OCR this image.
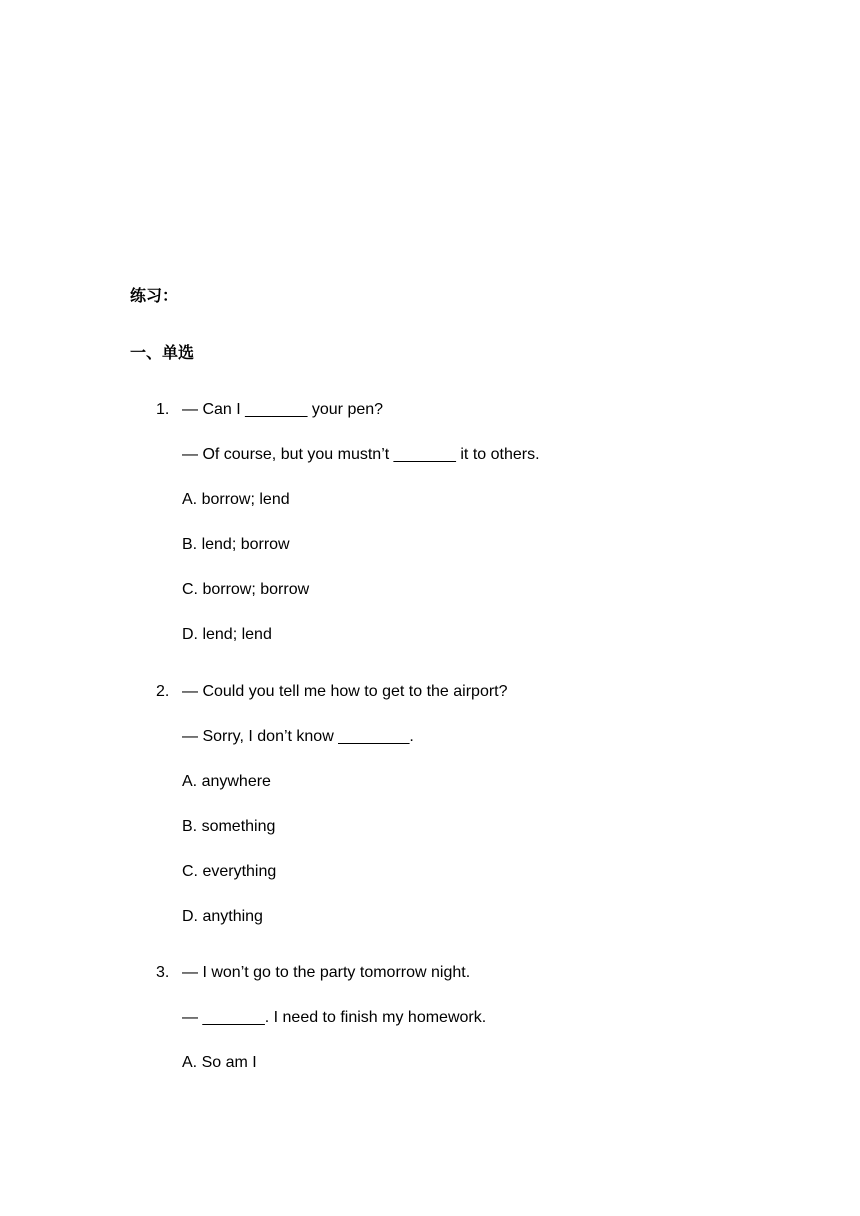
练习：
一、单选
1. — Can I _______ your pen?
— Of course, but you mustn’t _______ it to others.
A. borrow; lend
B. lend; borrow
C. borrow; borrow
D. lend; lend
2. — Could you tell me how to get to the airport?
— Sorry, I don’t know ________.
A. anywhere
B. something
C. everything
D. anything
3. — I won’t go to the party tomorrow night.
— _______. I need to finish my homework.
A. So am I
